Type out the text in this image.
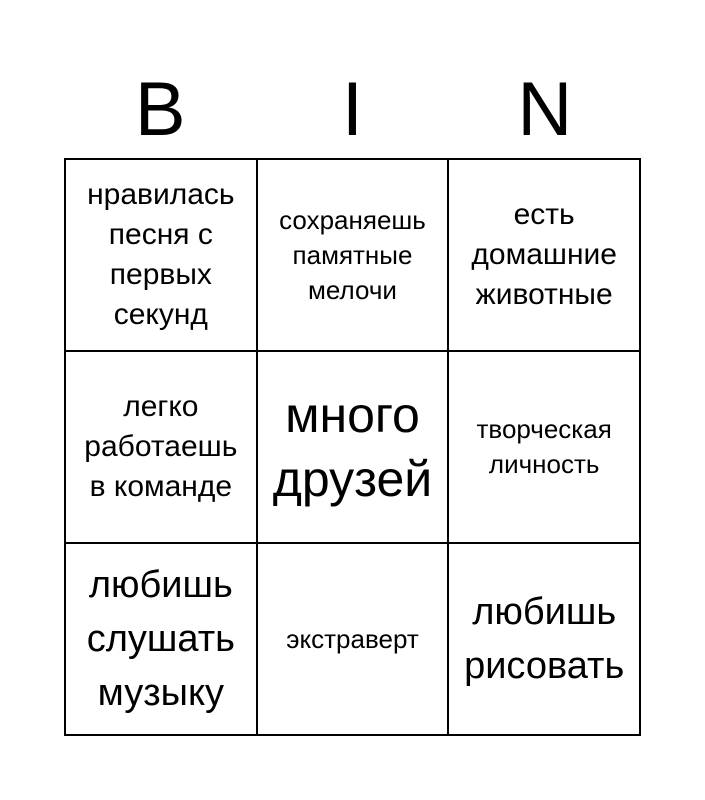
B	I	N
нравилась песня с первых секунд
сохраняешь памятные мелочи
есть домашние животные
легко работаешь в команде
много друзей
творческая личность
любишь слушать музыку
экстраверт
любишь рисовать
